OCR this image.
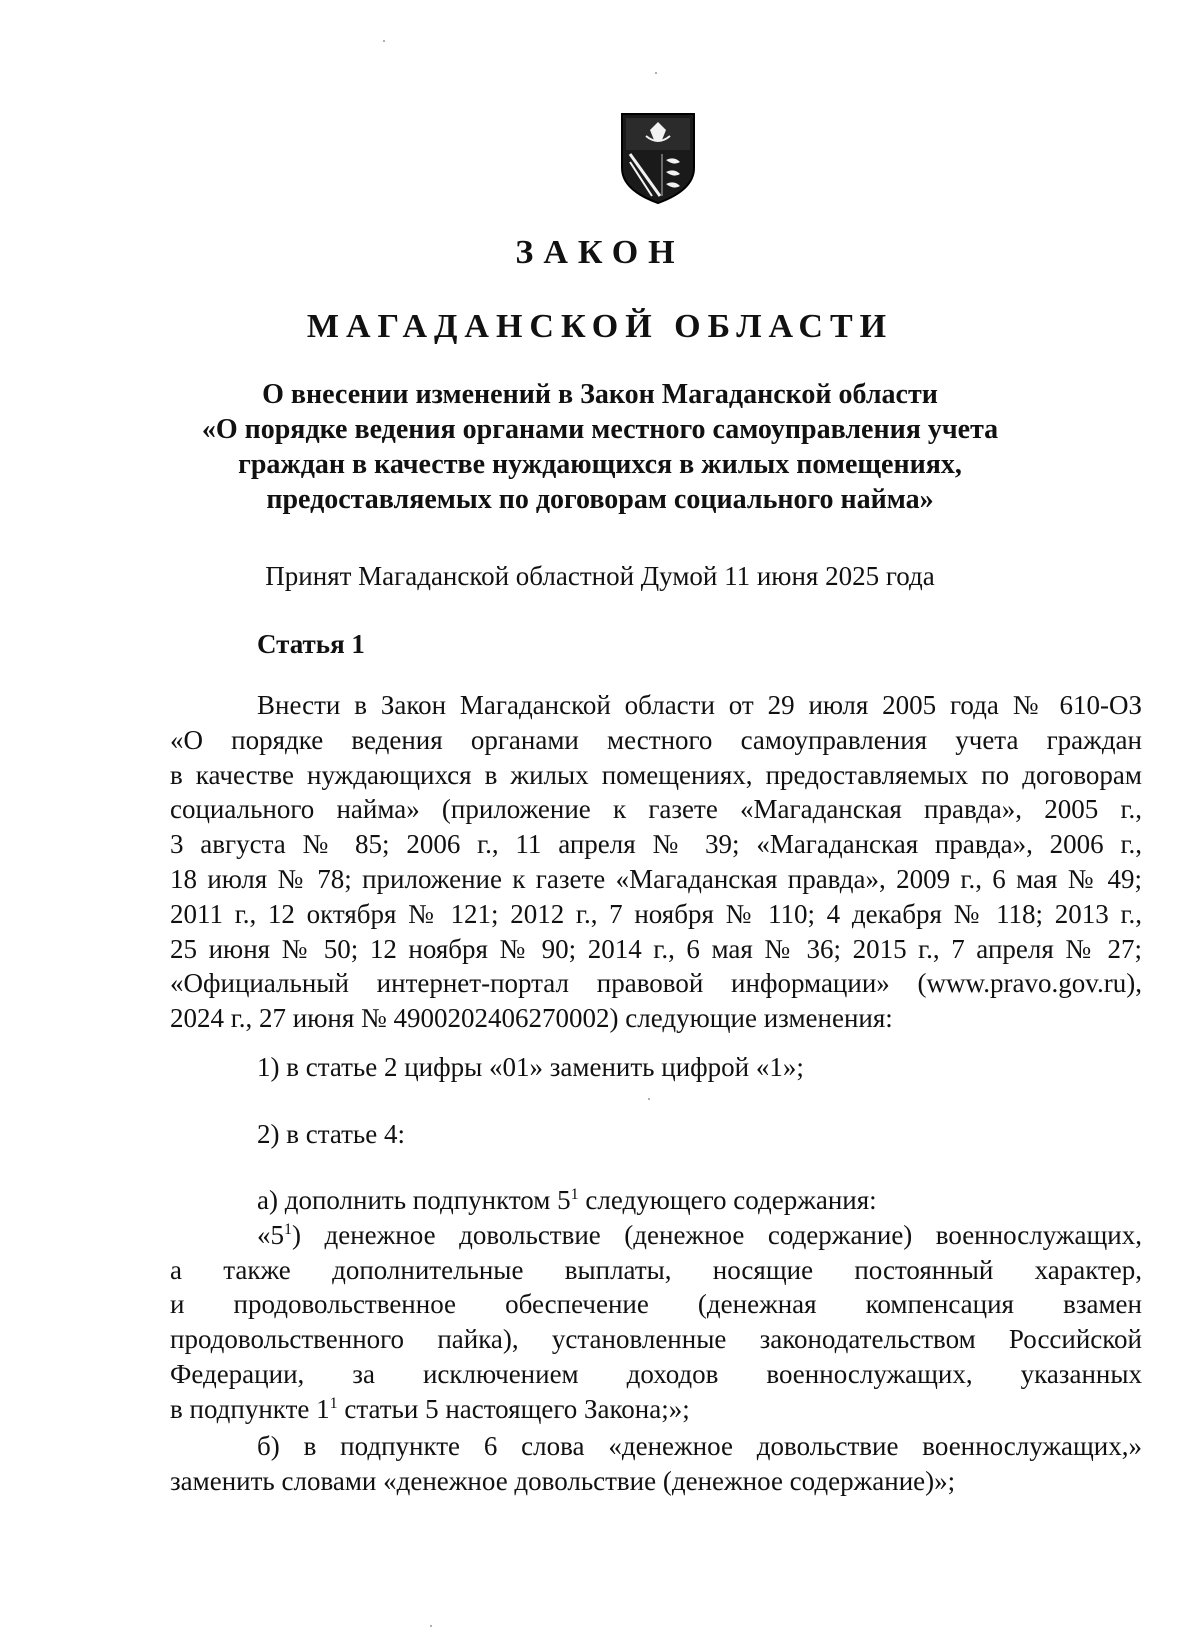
ЗАКОН
МАГАДАНСКОЙ ОБЛАСТИ
О внесении изменений в Закон Магаданской области
«О порядке ведения органами местного самоуправления учета
граждан в качестве нуждающихся в жилых помещениях,
предоставляемых по договорам социального найма»
Принят Магаданской областной Думой 11 июня 2025 года
Статья 1
Внести в Закон Магаданской области от 29 июля 2005 года № 610-ОЗ
«О порядке ведения органами местного самоуправления учета граждан
в качестве нуждающихся в жилых помещениях, предоставляемых по договорам
социального найма» (приложение к газете «Магаданская правда», 2005 г.,
3 августа № 85; 2006 г., 11 апреля № 39; «Магаданская правда», 2006 г.,
18 июля № 78; приложение к газете «Магаданская правда», 2009 г., 6 мая № 49;
2011 г., 12 октября № 121; 2012 г., 7 ноября № 110; 4 декабря № 118; 2013 г.,
25 июня № 50; 12 ноября № 90; 2014 г., 6 мая № 36; 2015 г., 7 апреля № 27;
«Официальный интернет-портал правовой информации» (www.pravo.gov.ru),
2024 г., 27 июня № 4900202406270002) следующие изменения:
1) в статье 2 цифры «01» заменить цифрой «1»;
2) в статье 4:
а) дополнить подпунктом $5^1$ следующего содержания:
«$5^1$) денежное довольствие (денежное содержание) военнослужащих,
а также дополнительные выплаты, носящие постоянный характер,
и продовольственное обеспечение (денежная компенсация взамен
продовольственного пайка), установленные законодательством Российской
Федерации, за исключением доходов военнослужащих, указанных
в подпункте $1^1$ статьи 5 настоящего Закона;»;
б) в подпункте 6 слова «денежное довольствие военнослужащих,»
заменить словами «денежное довольствие (денежное содержание)»;
